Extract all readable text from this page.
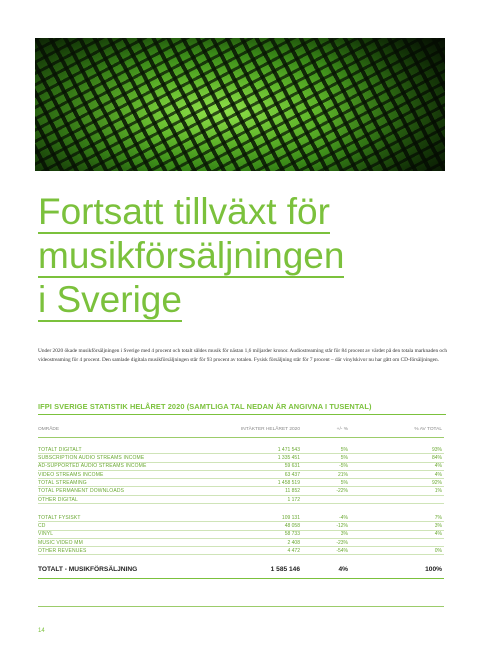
Fortsatt tillväxt för
musikförsäljningen
i Sverige

Under 2020 ökade musikförsäljningen i Sverige med 4 procent och totalt såldes musik för nästan 1,6 miljarder kronor. Audiostreaming står för 84 procent av värdet på den totala marknaden och videostreaming för 4 procent. Den samlade digitala musikförsäljningen står för 93 procent av totalen. Fysisk försäljning står för 7 procent – där vinylskivor nu har gått om CD-försäljningen.

IFPI SVERIGE STATISTIK HELÅRET 2020 (SAMTLIGA TAL NEDAN ÄR ANGIVNA I TUSENTAL)
OMRÅDE	INTÄKTER HELÅRET 2020	+/- %	% AV TOTAL
TOTALT DIGITALT	1 471 543	5%	93%
SUBSCRIPTION AUDIO STREAMS INCOME	1 335 451	5%	84%
AD-SUPPORTED AUDIO STREAMS INCOME	59 631	-5%	4%
VIDEO STREAMS INCOME	63 437	21%	4%
TOTAL STREAMING	1 458 519	5%	92%
TOTAL PERMANENT DOWNLOADS	11 852	-22%	1%
OTHER DIGITAL	1 172
TOTALT FYSISKT	109 131	-4%	7%
CD	48 058	-12%	3%
VINYL	58 733	3%	4%
MUSIC VIDEO MM	2 408	-23%
OTHER REVENUES	4 472	-54%	0%
TOTALT - MUSIKFÖRSÄLJNING	1 585 146	4%	100%
14
